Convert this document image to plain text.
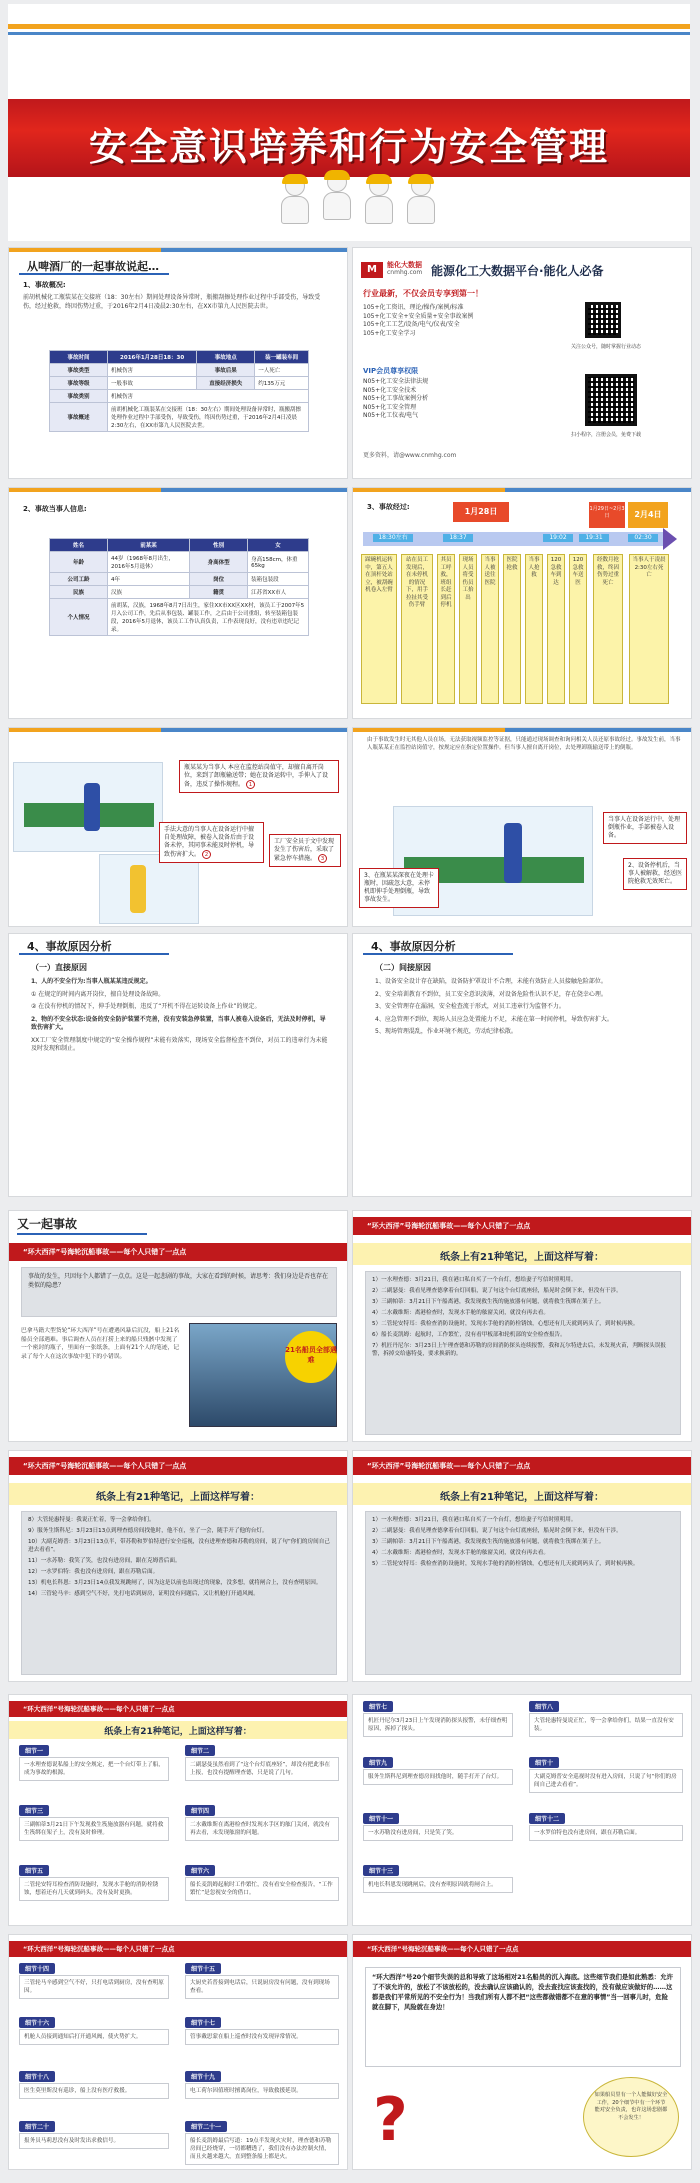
安全意识培养和行为安全管理
从啤酒厂的一起事故说起…
1、事故概况:
前胡机械化工瓶装某在交接班（18：30左右）期间处理设备异常时，瓶搬刮擦处理作业过程中手部受伤，导致受伤，经过抢救，终因伤势过重，于2016年2月4日凌晨2:30左右，在XX市第九人民医院去世。
事故时间	2016年1月28日18：30	事故地点	装一罐装车间
事故类型	机械伤害	事故后果	一人死亡
事故等级	一般事故	直接经济损失	约135万元
事故类别	机械伤害		
事故概述	前胡机械化工瓶装某在交接班（18：30左右）期间处理设备异常时，瓶搬刮擦处理作业过程中手部受伤，导致受伤，终因伤势过重，于2016年2月4日凌晨2:30左右，在XX市第九人民医院去世。		
M	能化大数据
cnmhg.com 能源化工大数据平台·能化人必备
行业最新，不仅会员专享到第一！
105+化工资讯、理论/操作/案例/标准
105+化工安全+安全质量+安全事故案例
105+化工工艺/设备/电气/仪表/安全
105+化工安全学习
VIP会员尊享权限
N05+化工安全法律法规
N05+化工安全技术
N05+化工事故案例分析
N05+化工安全管理
N05+化工仪表/电气
更多资料，请@www.cnmhg.com
关注公众号，随时掌握行业动态
扫小程序，注册会员，免费下载
2、事故当事人信息:
姓名	前某某	性别	女
年龄	44岁（1968年8月出生，2016年5月退休）	身高体型	身高158cm，体重65kg
公司工龄	4年	岗位	装箱包装段
民族	汉族	籍贯	江苏省XX市人
个人情况	前胡某，汉族，1968年8月7日出生，家住XX市XX区XX村，该员工于2007年5月入公司工作，先后从事包装、罐装工作，之后由于公司重组，转至装箱包装段，2016年5月退休，该员工工作认真负责，工作表现良好，没有违章违纪记录。		
3、事故经过:	1月28日	1月29日~2月3日	2月4日
18:30左右	18:37	19:02	19:31	02:30
踩碗机运转中，第五人在顶杆处站立，被刮碗机卷入左臂
站在员工发现后，在未停机的情况下，用手拉扯其受伤手臂
其员工呼救，班组长赶到后停机
现场人员将受伤员工抬出
当事人被送往医院
医院抢救
当事人抢救
120急救车到达
120急救车送医
经数月抢救，终因伤势过重死亡
当事人于凌晨2:30左右死亡
瓶某某为当事人 本应在监控站岗值守，却擅自离开岗位，来到了卸瓶输送带；她在设备运转中，手伸入了设备，违反了操作规程。 1
手法大意的当事人在设备运行中擅自处理故障，被卷入设备后由于设备未停，其同事未能及时停机，导致伤害扩大。 2
工厂安全员于文中发现发生了伤害后，采取了紧急停车措施。 3
由于事故发生时无其他人员在场，无法获取视频监控等证据，只能通过现场调查和询问相关人员还原事故经过。事故发生前，当事人瓶某某正在监控站岗值守，按规定应在指定位置操作。但当事人擅自离开岗位，去处理卸瓶输送带上的倒瓶。
当事人在设备运行中，处理倒瓶作业，手部被卷入设备。
2、设备停机后，当事人被解救，经送医院抢救无效死亡。
3、在瓶某某深夜在处理卡瓶时，因疏忽大意，未停机即伸手处理倒瓶，导致事故发生。
4、事故原因分析
（一）直接原因
1、人的不安全行为:当事人瓶某某违反规定。
① 在规定的时间内离开岗位，擅自处理设备故障。
② 在没有停机的情况下，伸手处理倒瓶，违反了“开机不得在运转设备上作业”的规定。
2、物的不安全状态:设备的安全防护装置不完善，没有安装急停装置，当事人被卷入设备后，无法及时停机，导致伤害扩大。
XX工厂安全管理制度中规定的“安全操作规程”未能有效落实，现场安全监督检查不到位，对员工的违章行为未能及时发现和制止。
4、事故原因分析
（二）间接原因
1、设备安全设计存在缺陷，设备防护罩设计不合理，未能有效防止人员接触危险部位。
2、安全培训教育不到位，员工安全意识淡薄，对设备危险性认识不足，存在侥幸心理。
3、安全管理存在漏洞，安全检查流于形式，对员工违章行为监督不力。
4、应急管理不到位，现场人员应急处置能力不足，未能在第一时间停机，导致伤害扩大。
5、现场管理混乱，作业环境不规范，劳动纪律松散。
又一起事故
“环大西洋”号海轮沉船事故——每个人只错了一点点
事故的发生，只因每个人都错了一点点。这是一起悲剧的事故，大家在看到的时候，请思考：我们身边是否也存在类似的隐患？
巴拿马籍大型货轮“环大西洋”号在遭遇风暴后沉没，船上21名船员全部遇难。事后调查人员在打捞上来的船只残骸中发现了一个密封的瓶子，里面有一张纸条，上面有21个人的笔迹，记录了每个人在这次事故中犯下的小错误。
21名船员全部遇难
“环大西洋”号海轮沉船事故——每个人只错了一点点
纸条上有21种笔记，上面这样写着：
1）一水理查德：3月21日，我在港口私自买了一个台灯，想给妻子写信时照明用。
2）二副瑟曼：我看见理查德拿着台灯回船，说了句这个台灯底座轻，船晃时会倒下来，但没有干涉。
3）三副帕蒂：3月21日下午船离港，我发现救生筏的施放器有问题，就将救生筏绑在架子上。
4）二水戴维斯：离港检查时，发现水手舱的舷窗关闭，就没有再去看。
5）二管轮安特耳：我检查消防设施时，发现水手舱的消防栓锈蚀，心想还有几天就到码头了，到时候再换。
6）船长麦凯姆：起航时，工作繁忙，没有看甲板部和轮机部的安全检查报告。
7）机匠丹尼尔：3月23日上午理查德和苏勒的房间消防探头连续报警，我和瓦尔特进去后，未发现火苗，判断探头误报警，拆掉交给惠特曼，要求换新的。
“环大西洋”号海轮沉船事故——每个人只错了一点点
纸条上有21种笔记，上面这样写着：
8）大管轮惠特曼：我说正忙着，等一会拿给你们。
9）服务生斯科尼：3月23日13点到理查德房间找他时，他不在，坐了一会，随手开了他的台灯。
10）大副克姆普：3月23日13点半，带苏勒和罗伯特进行安全巡视，没有进理查德和苏勒的房间，说了句“你们的房间自己进去看看”。
11）一水苏勒：我笑了笑，也没有进房间，跟在克姆普后面。
12）一水罗伯特：我也没有进房间，跟在苏勒后面。
13）机电长科恩：3月23日14点我发现跳闸了，因为这是以前也出现过的现象，没多想，就将闸合上，没有查明原因。
14）三管轮马辛：感到空气不好，先打电话到厨房，证明没有问题后，又让机舱打开通风阀。
“环大西洋”号海轮沉船事故——每个人只错了一点点
纸条上有21种笔记，上面这样写着：
1）一水理查德：3月21日，我在港口私自买了一个台灯，想给妻子写信时照明用。
2）二副瑟曼：我看见理查德拿着台灯回船，说了句这个台灯底座轻，船晃时会倒下来，但没有干涉。
3）三副帕蒂：3月21日下午船离港，我发现救生筏的施放器有问题，就将救生筏绑在架子上。
4）二水戴维斯：离港检查时，发现水手舱的舷窗关闭，就没有再去看。
5）二管轮安特耳：我检查消防设施时，发现水手舱的消防栓锈蚀，心想还有几天就到码头了，到时候再换。
“环大西洋”号海轮沉船事故——每个人只错了一点点
纸条上有21种笔记，上面这样写着：
细节一
一水理查德说私船上的安全规定，把一个台灯带上了船，成为事故的根源。
细节二
二副瑟曼虽然看到了“这个台灯底座轻”，却没有把此事在上报，也没有提醒理查德，只是说了几句。
细节三
三副帕蒂3月21日下午发现救生筏施放器有问题，就将救生筏绑在架子上，没有及时修理。
细节四
二水戴维斯在离港检查时发现水手区的舷门关闭，就没有再去看，未发现舷窗的问题。
细节五
二管轮安特耳检查消防设施时，发现水手舱的消防栓锈蚀，想着还有几天就到码头，没有及时更换。
细节六
船长麦凯姆起航时工作繁忙，没有看安全检查报告，“工作繁忙”是忽视安全的借口。
细节七
机匠丹尼尔3月23日上午发现消防探头报警，未仔细查明原因，拆掉了探头。
细节八
大管轮惠特曼说正忙，等一会拿给你们，结果一直没有安装。
细节九
服务生斯科尼到理查德房间找他时，随手打开了台灯。
细节十
大副克姆普安全巡视时没有进入房间，只说了句“你们的房间自己进去看看”。
细节十一
一水苏勒没有进房间，只是笑了笑。
细节十二
一水罗伯特也没有进房间，跟在苏勒后面。
细节十三
机电长科恩发现跳闸后，没有查明原因就将闸合上。
“环大西洋”号海轮沉船事故——每个人只错了一点点
细节十四
三管轮马辛感到空气不好，只打电话到厨房，没有查明原因。
细节十五
大厨史若普接到电话后，只说厨房没有问题，没有到现场查看。
细节十六
机舱人员接到通知后打开通风阀，使火势扩大。
细节十七
管事戴思蒙在船上巡查时没有发现异常情况。
细节十八
医生莫里斯没有巡诊，船上没有医疗救援。
细节十九
电工荷尔因值班时擅离岗位，导致救援延误。
细节二十
报务员马莉思没有及时发出求救信号。
细节二十一
船长麦凯姆最后写道：19点半发现火灾时，理查德和苏勒房间已经烧穿，一切都糟透了，我们没有办法控制火情，而且火越来越大，直到整条船上都是火。
“环大西洋”号海轮沉船事故——每个人只错了一点点
“环大西洋”号20个细节失误的总和导致了这场相对21名船员的沉入海底。这些细节我们是如此熟悉：允许了不该允许的，放松了不该放松的，没去确认应该确认的，没去查找应该查找的，没有做应该做好的……这都是我们平常所见的不安全行为！当我们所有人都不把“这些都做错都不在意的事情”当一回事儿时，危险就在脚下，风险就在身边！
?	如果船员里有一个人能做好安全工作，20个细节中有一个环节能对安全负责，也许这场悲剧都不会发生！
